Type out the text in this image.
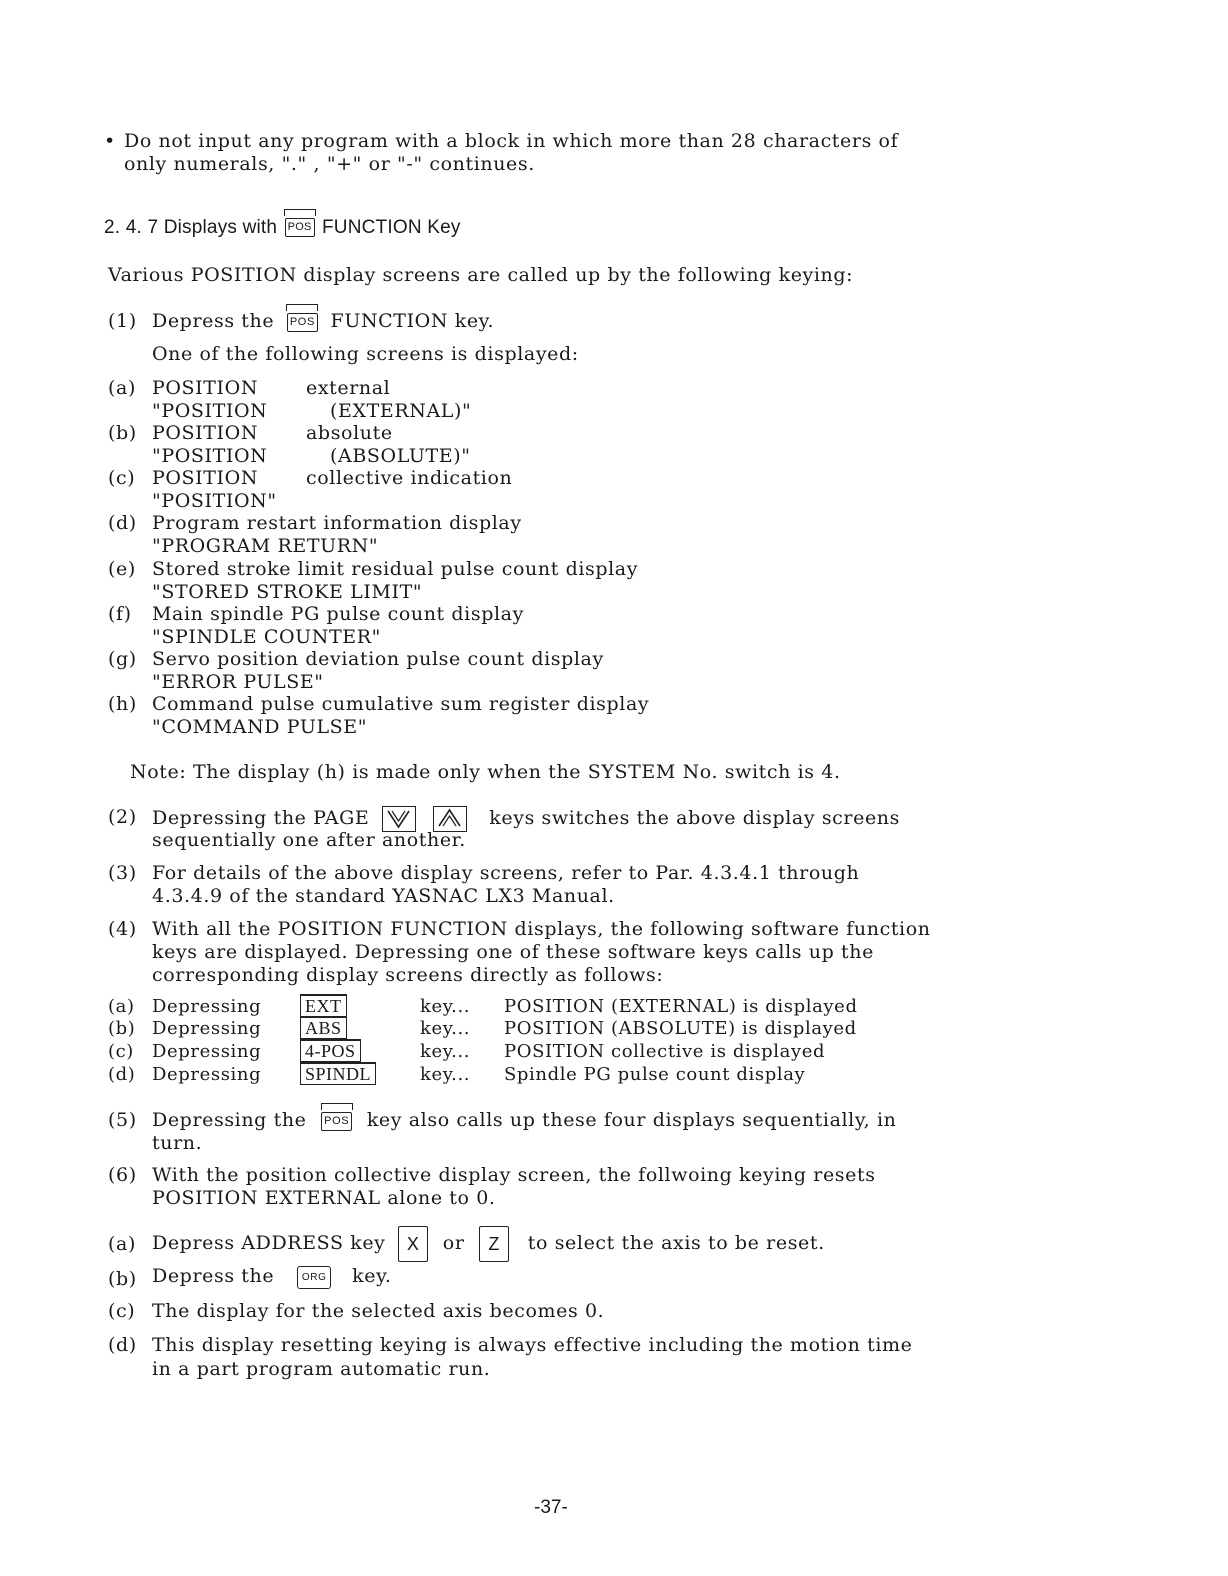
• Do not input any program with a block in which more than 28 characters of
only numerals, "." , "+" or "-" continues.
2. 4. 7 Displays with POS FUNCTION Key
Various POSITION display screens are called up by the following keying:
(1) Depress the POS FUNCTION key.
One of the following screens is displayed:
(a) POSITION	external
"POSITION	(EXTERNAL)"
(b) POSITION	absolute
"POSITION	(ABSOLUTE)"
(c) POSITION	collective indication
"POSITION"
(d) Program restart information display
"PROGRAM RETURN"
(e) Stored stroke limit residual pulse count display
"STORED STROKE LIMIT"
(f) Main spindle PG pulse count display
"SPINDLE COUNTER"
(g) Servo position deviation pulse count display
"ERROR PULSE"
(h) Command pulse cumulative sum register display
"COMMAND PULSE"
Note: The display (h) is made only when the SYSTEM No. switch is 4.
(2) Depressing the PAGE
	keys switches the above display screens
sequentially one after another.
(3) For details of the above display screens, refer to Par. 4.3.4.1 through
4.3.4.9 of the standard YASNAC LX3 Manual.
(4) With all the POSITION FUNCTION displays, the following software function
keys are displayed. Depressing one of these software keys calls up the
corresponding display screens directly as follows:
(a) Depressing EXT	key... POSITION (EXTERNAL) is displayed
(b) Depressing ABS	key... POSITION (ABSOLUTE) is displayed
(c) Depressing 4-POS	key... POSITION collective is displayed
(d) Depressing SPINDL	key... Spindle PG pulse count display
(5) Depressing the POS key also calls up these four displays sequentially, in
turn.
(6) With the position collective display screen, the follwoing keying resets
POSITION EXTERNAL alone to 0.
(a) Depress ADDRESS key X or Z to select the axis to be reset.
(b) Depress the	ORG key.
(c) The display for the selected axis becomes 0.
(d) This display resetting keying is always effective including the motion time
in a part program automatic run.
-37-
